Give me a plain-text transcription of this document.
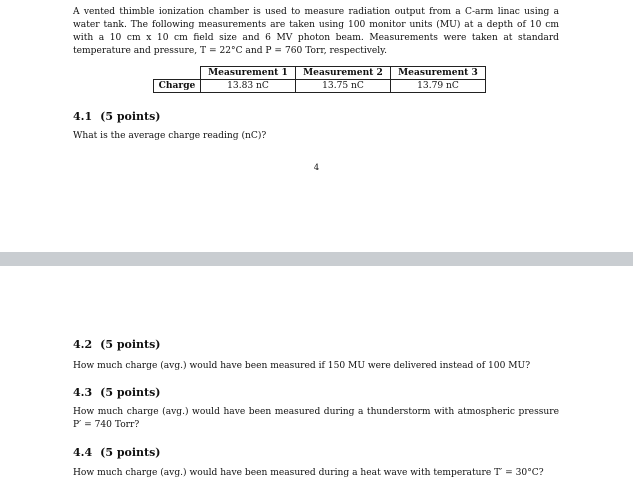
A vented thimble ionization chamber is used to measure radiation output from a C-arm linac using a water tank. The following measurements are taken using 100 monitor units (MU) at a depth of 10 cm with a 10 cm x 10 cm field size and 6 MV photon beam. Measurements were taken at standard temperature and pressure, T = 22°C and P = 760 Torr, respectively.

	Measurement 1	Measurement 2	Measurement 3
Charge	13.83 nC	13.75 nC	13.79 nC
4.1 (5 points)
What is the average charge reading (nC)?
4
4.2 (5 points)
How much charge (avg.) would have been measured if 150 MU were delivered instead of 100 MU?
4.3 (5 points)
How much charge (avg.) would have been measured during a thunderstorm with atmospheric pressure P′ = 740 Torr?
4.4 (5 points)
How much charge (avg.) would have been measured during a heat wave with temperature T′ = 30°C?
